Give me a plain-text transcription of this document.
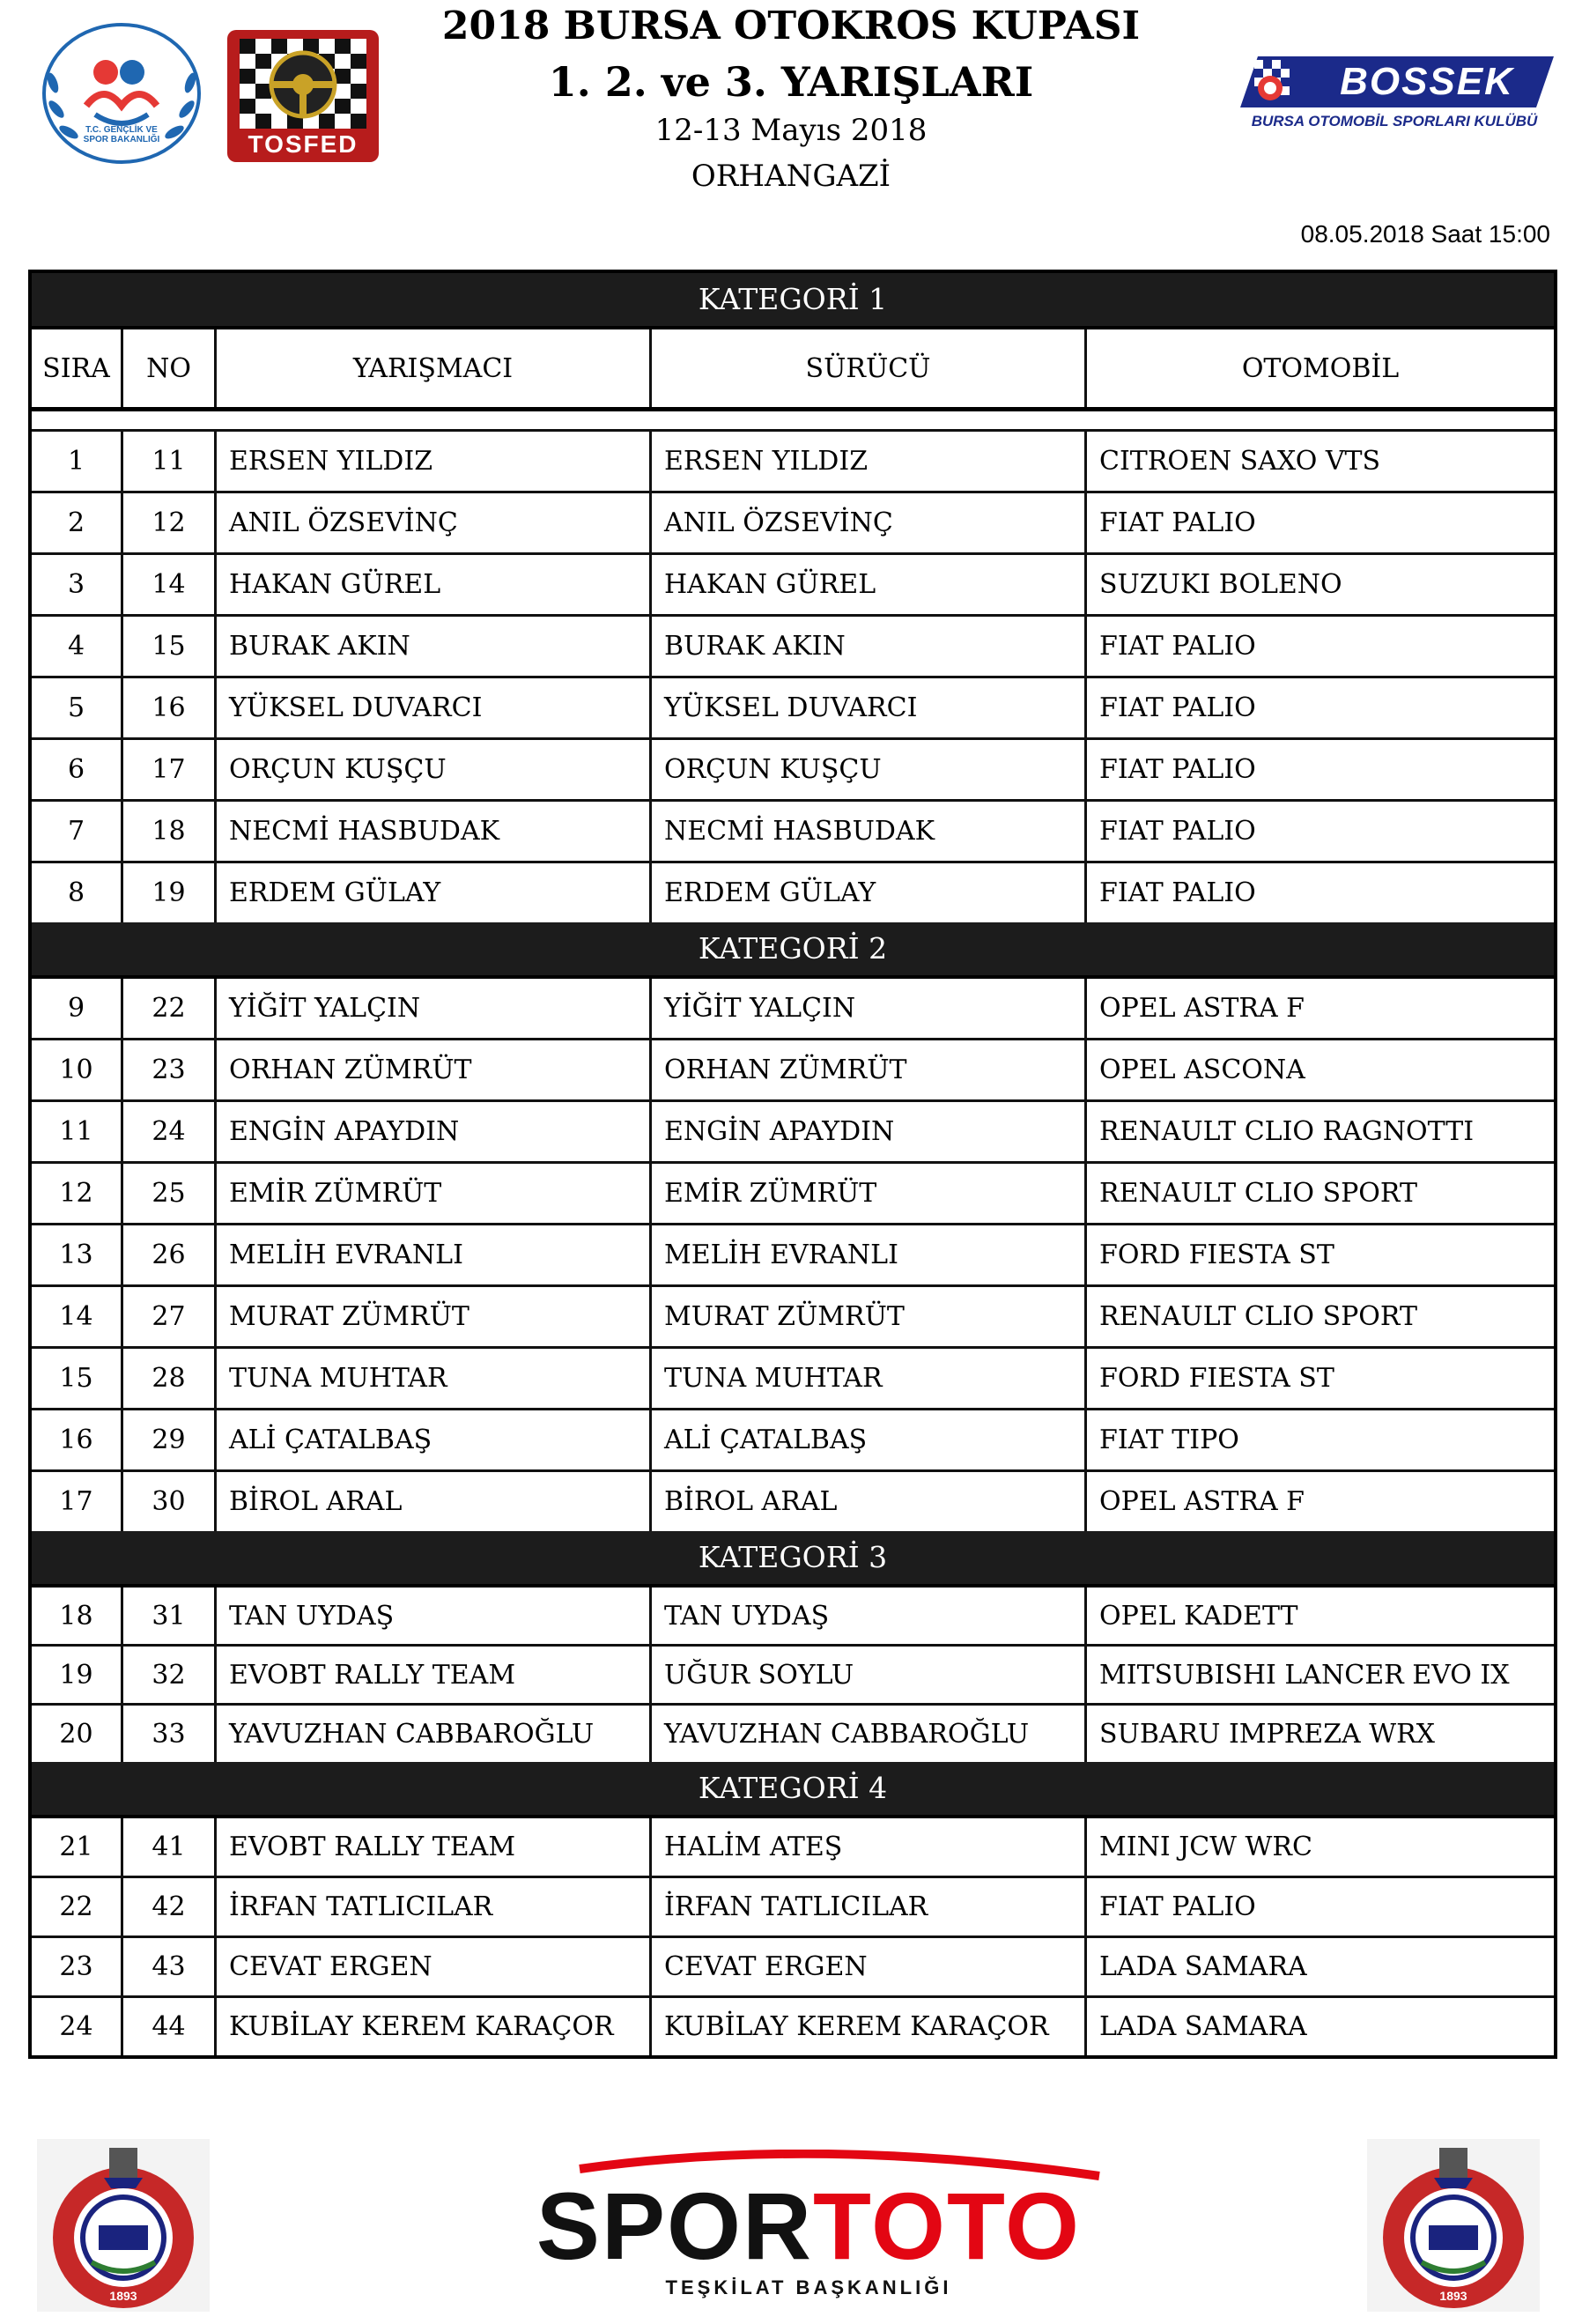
2018 BURSA OTOKROS KUPASI
1. 2. ve 3. YARIŞLARI
12-13 Mayıs 2018
ORHANGAZİ
08.05.2018 Saat 15:00
T.C. GENÇLİK VE SPOR BAKANLIĞI	TOSFED
BOSSEK
BURSA OTOMOBİL SPORLARI KULÜBÜ
KATEGORİ 1
SIRA	NO	YARIŞMACI	SÜRÜCÜ	OTOMOBİL
1	11	ERSEN YILDIZ	ERSEN YILDIZ	CITROEN SAXO VTS
2	12	ANIL ÖZSEVİNÇ	ANIL ÖZSEVİNÇ	FIAT PALIO
3	14	HAKAN GÜREL	HAKAN GÜREL	SUZUKI BOLENO
4	15	BURAK AKIN	BURAK AKIN	FIAT PALIO
5	16	YÜKSEL DUVARCI	YÜKSEL DUVARCI	FIAT PALIO
6	17	ORÇUN KUŞÇU	ORÇUN KUŞÇU	FIAT PALIO
7	18	NECMİ HASBUDAK	NECMİ HASBUDAK	FIAT PALIO
8	19	ERDEM GÜLAY	ERDEM GÜLAY	FIAT PALIO
KATEGORİ 2
9	22	YİĞİT YALÇIN	YİĞİT YALÇIN	OPEL ASTRA F
10	23	ORHAN ZÜMRÜT	ORHAN ZÜMRÜT	OPEL ASCONA
11	24	ENGİN APAYDIN	ENGİN APAYDIN	RENAULT CLIO RAGNOTTI
12	25	EMİR ZÜMRÜT	EMİR ZÜMRÜT	RENAULT CLIO SPORT
13	26	MELİH EVRANLI	MELİH EVRANLI	FORD FIESTA ST
14	27	MURAT ZÜMRÜT	MURAT ZÜMRÜT	RENAULT CLIO SPORT
15	28	TUNA MUHTAR	TUNA MUHTAR	FORD FIESTA ST
16	29	ALİ ÇATALBAŞ	ALİ ÇATALBAŞ	FIAT TIPO
17	30	BİROL ARAL	BİROL ARAL	OPEL ASTRA F
KATEGORİ 3
18	31	TAN UYDAŞ	TAN UYDAŞ	OPEL KADETT
19	32	EVOBT RALLY TEAM	UĞUR SOYLU	MITSUBISHI LANCER EVO IX
20	33	YAVUZHAN CABBAROĞLU	YAVUZHAN CABBAROĞLU	SUBARU IMPREZA WRX
KATEGORİ 4
21	41	EVOBT RALLY TEAM	HALİM ATEŞ	MINI JCW WRC
22	42	İRFAN TATLICILAR	İRFAN TATLICILAR	FIAT PALIO
23	43	CEVAT ERGEN	CEVAT ERGEN	LADA SAMARA
24	44	KUBİLAY KEREM KARAÇOR	KUBİLAY KEREM KARAÇOR	LADA SAMARA
1893
SPORTOTO
TEŞKİLAT BAŞKANLIĞI	1893
